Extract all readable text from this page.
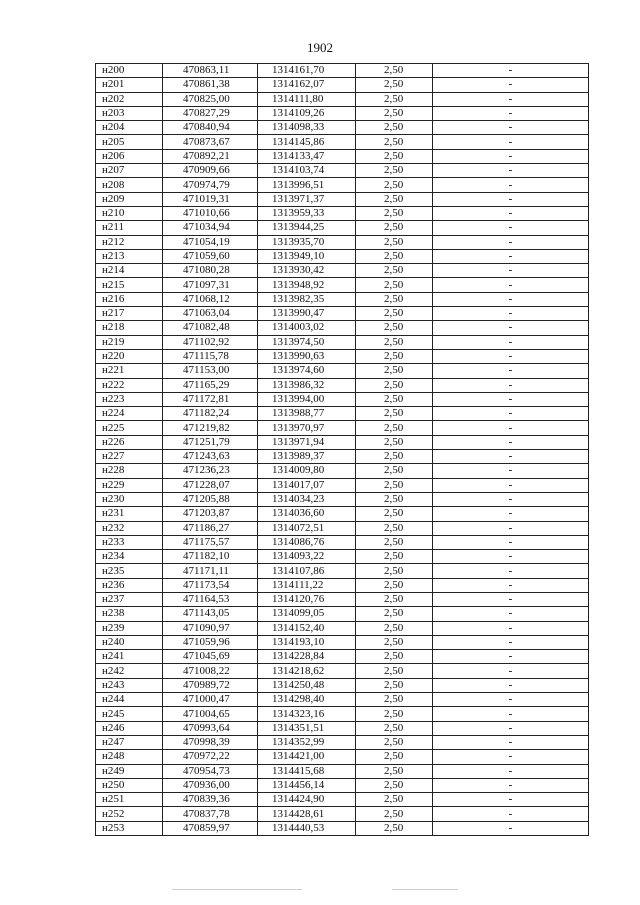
1902
н200	470863,11	1314161,70	2,50	-
н201	470861,38	1314162,07	2,50	-
н202	470825,00	1314111,80	2,50	-
н203	470827,29	1314109,26	2,50	-
н204	470840,94	1314098,33	2,50	-
н205	470873,67	1314145,86	2,50	-
н206	470892,21	1314133,47	2,50	-
н207	470909,66	1314103,74	2,50	-
н208	470974,79	1313996,51	2,50	-
н209	471019,31	1313971,37	2,50	-
н210	471010,66	1313959,33	2,50	-
н211	471034,94	1313944,25	2,50	-
н212	471054,19	1313935,70	2,50	-
н213	471059,60	1313949,10	2,50	-
н214	471080,28	1313930,42	2,50	-
н215	471097,31	1313948,92	2,50	-
н216	471068,12	1313982,35	2,50	-
н217	471063,04	1313990,47	2,50	-
н218	471082,48	1314003,02	2,50	-
н219	471102,92	1313974,50	2,50	-
н220	471115,78	1313990,63	2,50	-
н221	471153,00	1313974,60	2,50	-
н222	471165,29	1313986,32	2,50	-
н223	471172,81	1313994,00	2,50	-
н224	471182,24	1313988,77	2,50	-
н225	471219,82	1313970,97	2,50	-
н226	471251,79	1313971,94	2,50	-
н227	471243,63	1313989,37	2,50	-
н228	471236,23	1314009,80	2,50	-
н229	471228,07	1314017,07	2,50	-
н230	471205,88	1314034,23	2,50	-
н231	471203,87	1314036,60	2,50	-
н232	471186,27	1314072,51	2,50	-
н233	471175,57	1314086,76	2,50	-
н234	471182,10	1314093,22	2,50	-
н235	471171,11	1314107,86	2,50	-
н236	471173,54	1314111,22	2,50	-
н237	471164,53	1314120,76	2,50	-
н238	471143,05	1314099,05	2,50	-
н239	471090,97	1314152,40	2,50	-
н240	471059,96	1314193,10	2,50	-
н241	471045,69	1314228,84	2,50	-
н242	471008,22	1314218,62	2,50	-
н243	470989,72	1314250,48	2,50	-
н244	471000,47	1314298,40	2,50	-
н245	471004,65	1314323,16	2,50	-
н246	470993,64	1314351,51	2,50	-
н247	470998,39	1314352,99	2,50	-
н248	470972,22	1314421,00	2,50	-
н249	470954,73	1314415,68	2,50	-
н250	470936,00	1314456,14	2,50	-
н251	470839,36	1314424,90	2,50	-
н252	470837,78	1314428,61	2,50	-
н253	470859,97	1314440,53	2,50	-
